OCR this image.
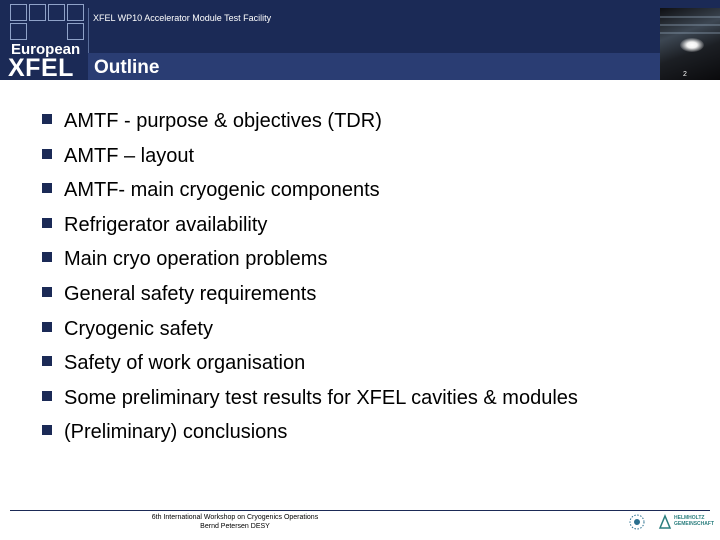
European
XFEL
XFEL WP10 Accelerator Module Test Facility
Outline	2
AMTF - purpose & objectives (TDR)
AMTF – layout
AMTF- main cryogenic components
Refrigerator availability
Main cryo operation problems
General safety requirements
Cryogenic safety
Safety of work organisation
Some preliminary test results for XFEL cavities & modules
(Preliminary) conclusions
6th International Workshop on Cryogenics Operations
Bernd Petersen DESY
HELMHOLTZ GEMEINSCHAFT
